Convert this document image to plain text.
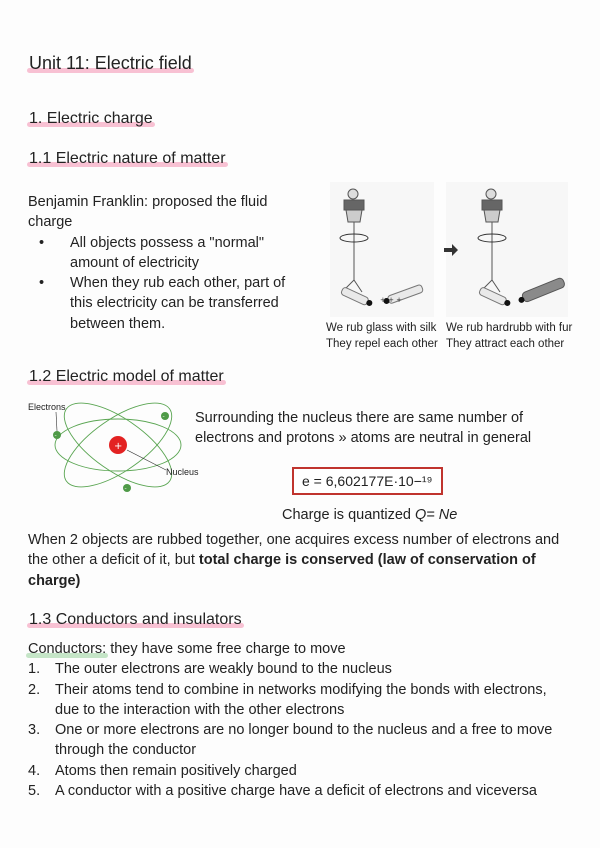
Unit 11: Electric field
1. Electric charge
1.1 Electric nature of matter
Benjamin Franklin: proposed the fluid charge
• All objects possess a "normal" amount of electricity
• When they rub each other, part of this electricity can be transferred between them.
+ + +
We rub glass with silk
They repel each other
We rub hardrubb with fur
They attract each other
1.2 Electric model of matter
+
-
-
-
Electrons
Nucleus
Surrounding the nucleus there are same number of electrons and protons » atoms are neutral in general
e = 6,602177E·10−¹⁹
Charge is quantized Q= Ne
When 2 objects are rubbed together, one acquires excess number of electrons and the other a deficit of it, but total charge is conserved (law of conservation of charge)
1.3 Conductors and insulators
Conductors: they have some free charge to move
1. The outer electrons are weakly bound to the nucleus
2. Their atoms tend to combine in networks modifying the bonds with electrons, due to the interaction with the other electrons
3. One or more electrons are no longer bound to the nucleus and a free to move through the conductor
4. Atoms then remain positively charged
5. A conductor with a positive charge have a deficit of electrons and viceversa
